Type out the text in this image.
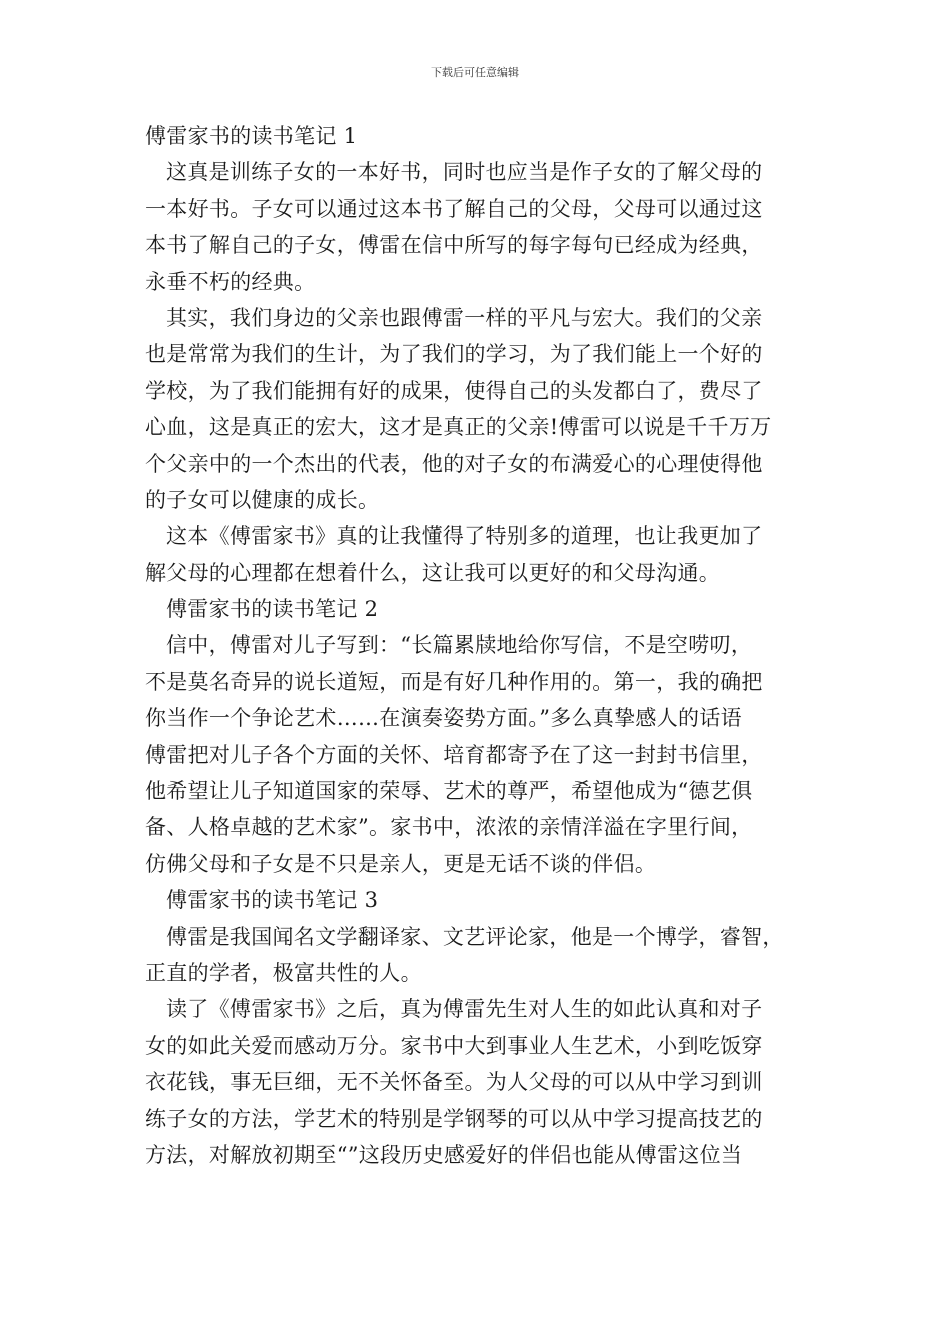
下载后可任意编辑
傅雷家书的读书笔记 1
这真是训练子女的一本好书，同时也应当是作子女的了解父母的
一本好书。子女可以通过这本书了解自己的父母，父母可以通过这
本书了解自己的子女，傅雷在信中所写的每字每句已经成为经典，
永垂不朽的经典。
其实，我们身边的父亲也跟傅雷一样的平凡与宏大。我们的父亲
也是常常为我们的生计，为了我们的学习，为了我们能上一个好的
学校，为了我们能拥有好的成果，使得自己的头发都白了，费尽了
心血，这是真正的宏大，这才是真正的父亲!傅雷可以说是千千万万
个父亲中的一个杰出的代表，他的对子女的布满爱心的心理使得他
的子女可以健康的成长。
这本《傅雷家书》真的让我懂得了特别多的道理，也让我更加了
解父母的心理都在想着什么，这让我可以更好的和父母沟通。
傅雷家书的读书笔记 2
信中，傅雷对儿子写到：“长篇累牍地给你写信，不是空唠叨，
不是莫名奇异的说长道短，而是有好几种作用的。第一，我的确把
你当作一个争论艺术……在演奏姿势方面。”多么真挚感人的话语
傅雷把对儿子各个方面的关怀、培育都寄予在了这一封封书信里，
他希望让儿子知道国家的荣辱、艺术的尊严，希望他成为“德艺俱
备、人格卓越的艺术家”。家书中，浓浓的亲情洋溢在字里行间，
仿佛父母和子女是不只是亲人，更是无话不谈的伴侣。
傅雷家书的读书笔记 3
傅雷是我国闻名文学翻译家、文艺评论家，他是一个博学，睿智，
正直的学者，极富共性的人。
读了《傅雷家书》之后，真为傅雷先生对人生的如此认真和对子
女的如此关爱而感动万分。家书中大到事业人生艺术，小到吃饭穿
衣花钱，事无巨细，无不关怀备至。为人父母的可以从中学习到训
练子女的方法，学艺术的特别是学钢琴的可以从中学习提高技艺的
方法，对解放初期至“”这段历史感爱好的伴侣也能从傅雷这位当
